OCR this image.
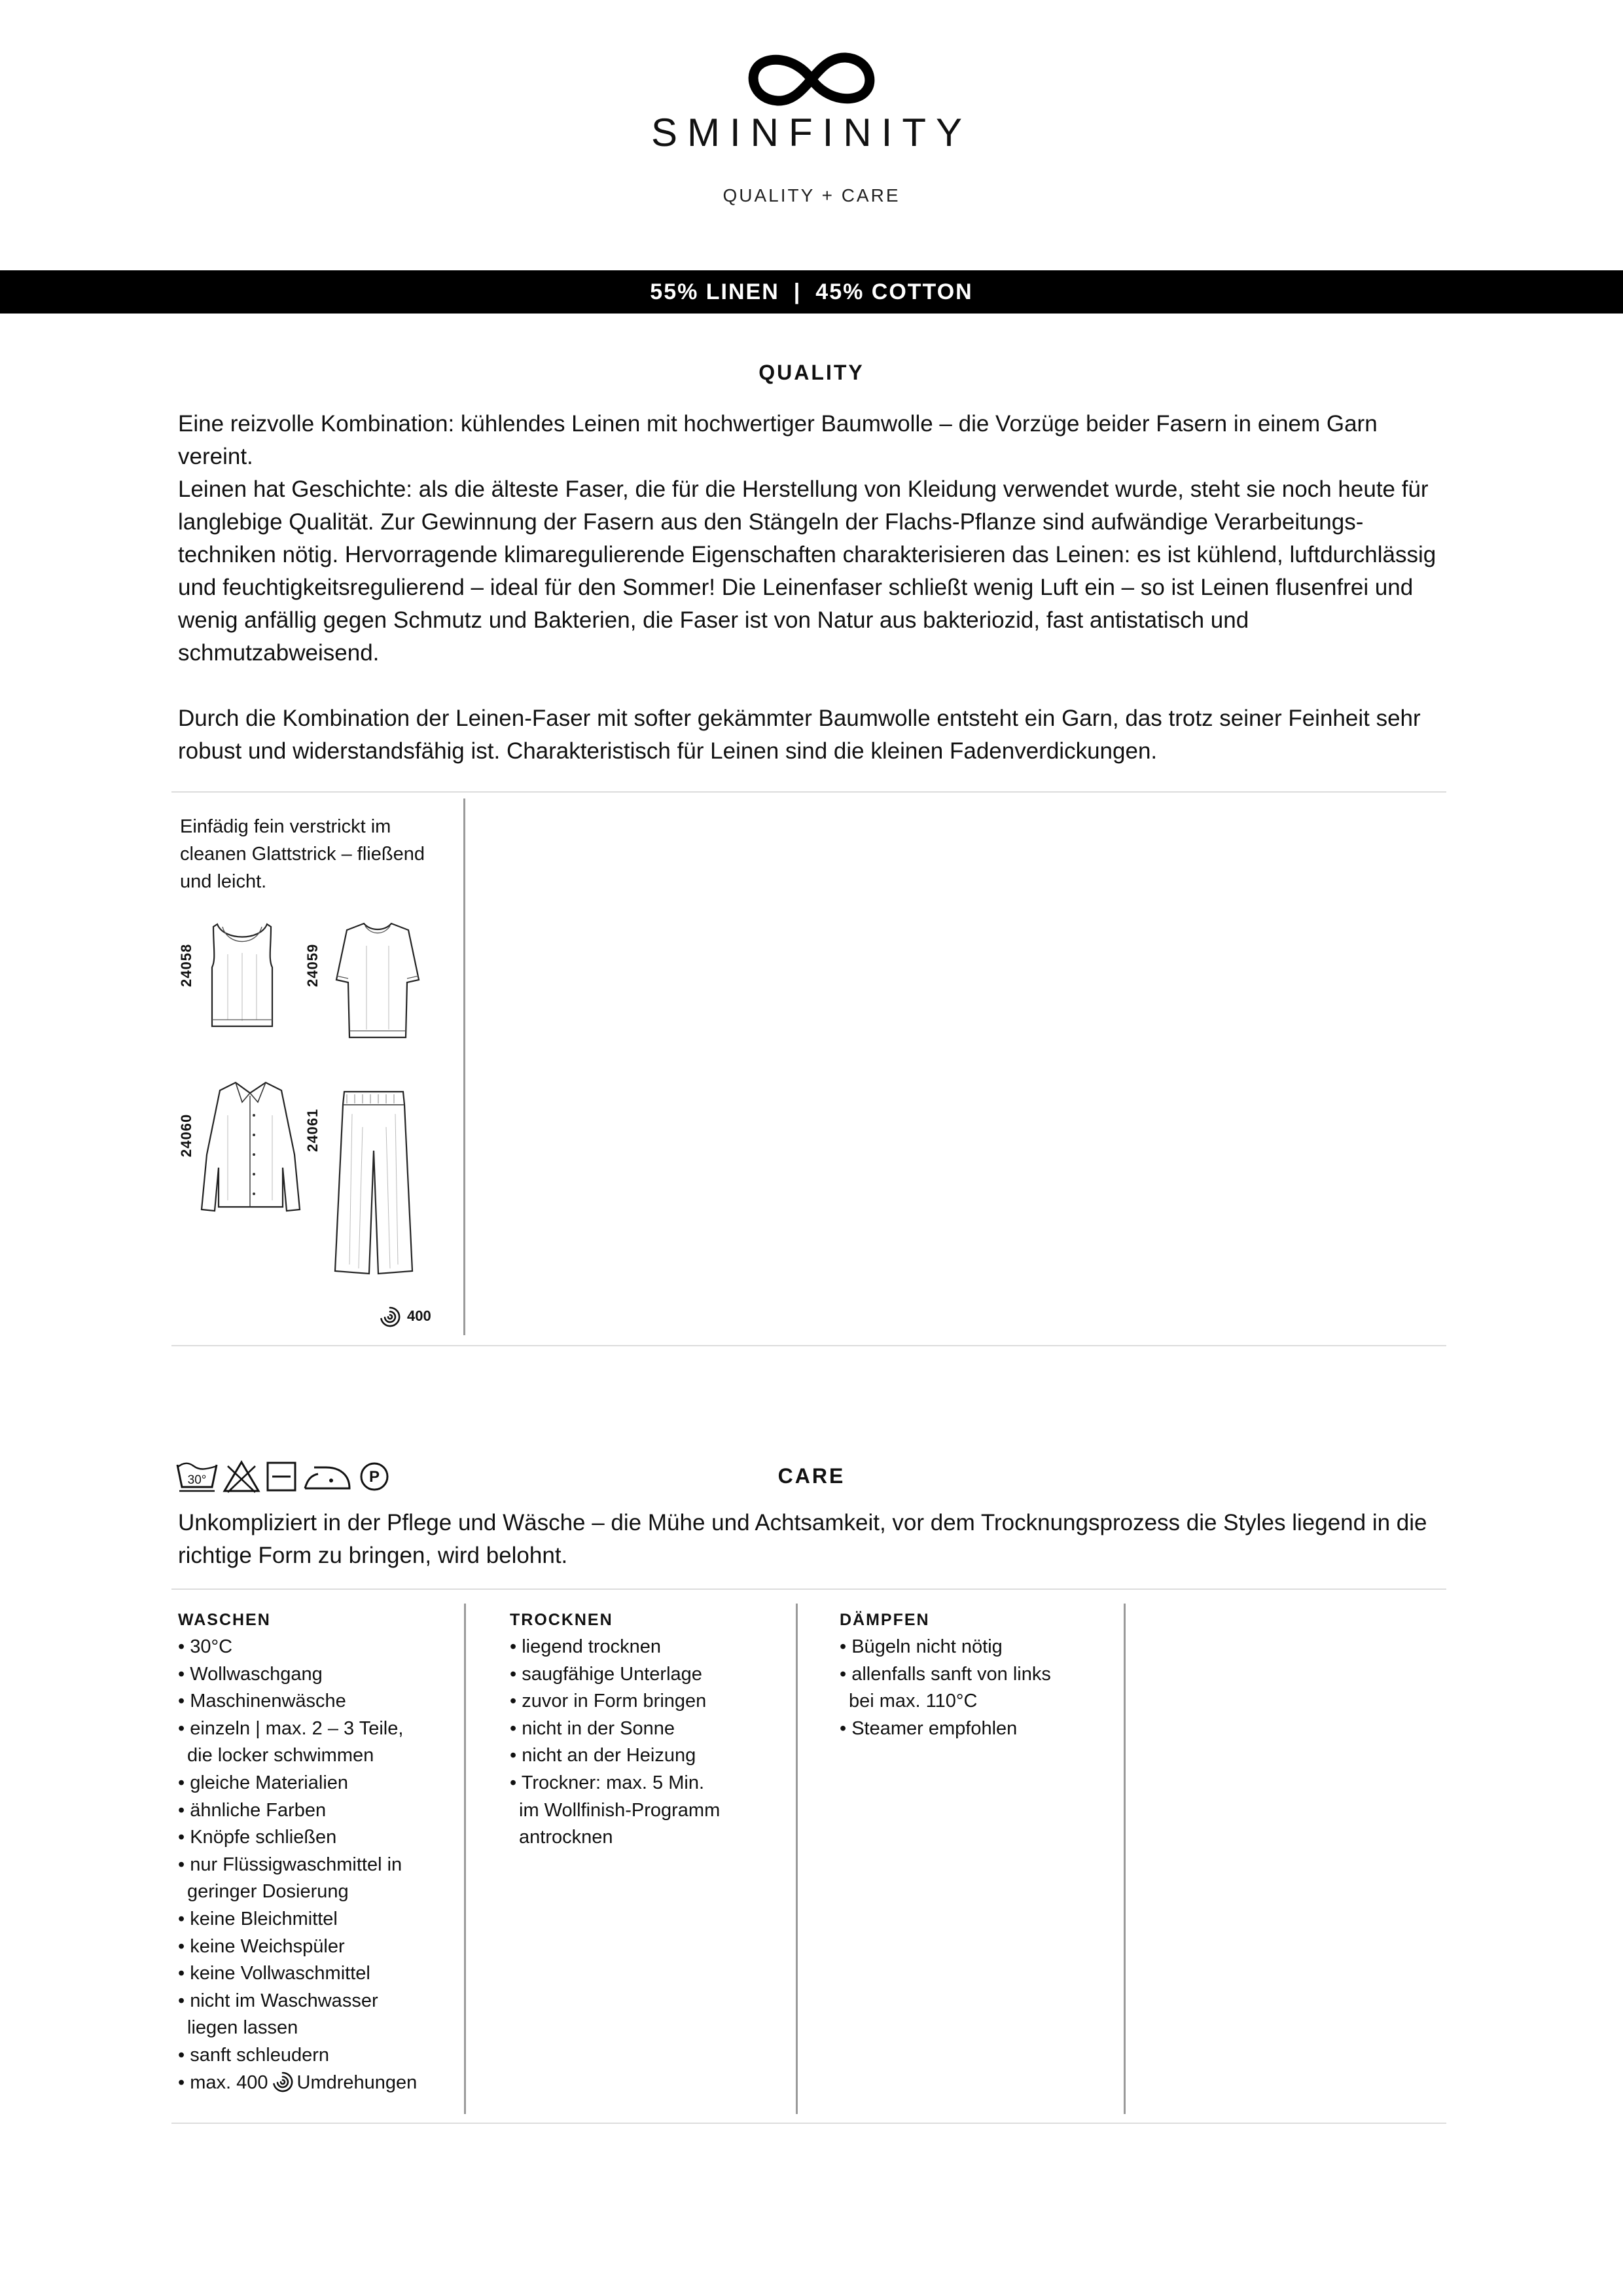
SMINFINITY
QUALITY + CARE
55% LINEN | 45% COTTON
QUALITY
Eine reizvolle Kombination: kühlendes Leinen mit hochwertiger Baumwolle – die Vorzüge beider Fasern in einem Garn vereint.
Leinen hat Geschichte: als die älteste Faser, die für die Herstellung von Kleidung verwendet wurde, steht sie noch heute für langlebige Qualität. Zur Gewinnung der Fasern aus den Stängeln der Flachs-Pflanze sind aufwändige Verarbeitungstechniken nötig. Hervorragende klimaregulierende Eigenschaften charakterisieren das Leinen: es ist kühlend, luftdurchlässig und feuchtigkeitsregulierend – ideal für den Sommer! Die Leinenfaser schließt wenig Luft ein – so ist Leinen flusenfrei und wenig anfällig gegen Schmutz und Bakterien, die Faser ist von Natur aus bakteriozid, fast antistatisch und schmutzabweisend.
Durch die Kombination der Leinen-Faser mit softer gekämmter Baumwolle entsteht ein Garn, das trotz seiner Feinheit sehr robust und widerstandsfähig ist. Charakteristisch für Leinen sind die kleinen Fadenverdickungen.
Einfädig fein verstrickt im cleanen Glattstrick – fließend und leicht.
24058	24059
24060	24061
400
30°	P	CARE
Unkompliziert in der Pflege und Wäsche – die Mühe und Achtsamkeit, vor dem Trocknungsprozess die Styles liegend in die richtige Form zu bringen, wird belohnt.
WASCHEN
• 30°C
• Wollwaschgang
• Maschinenwäsche
• einzeln | max. 2 – 3 Teile,
die locker schwimmen
• gleiche Materialien
• ähnliche Farben
• Knöpfe schließen
• nur Flüssigwaschmittel in
geringer Dosierung
• keine Bleichmittel
• keine Weichspüler
• keine Vollwaschmittel
• nicht im Waschwasser
liegen lassen
• sanft schleudern
• max. 400 Umdrehungen
TROCKNEN
• liegend trocknen
• saugfähige Unterlage
• zuvor in Form bringen
• nicht in der Sonne
• nicht an der Heizung
• Trockner: max. 5 Min.
im Wollfinish-Programm
antrocknen
DÄMPFEN
• Bügeln nicht nötig
• allenfalls sanft von links
bei max. 110°C
• Steamer empfohlen
